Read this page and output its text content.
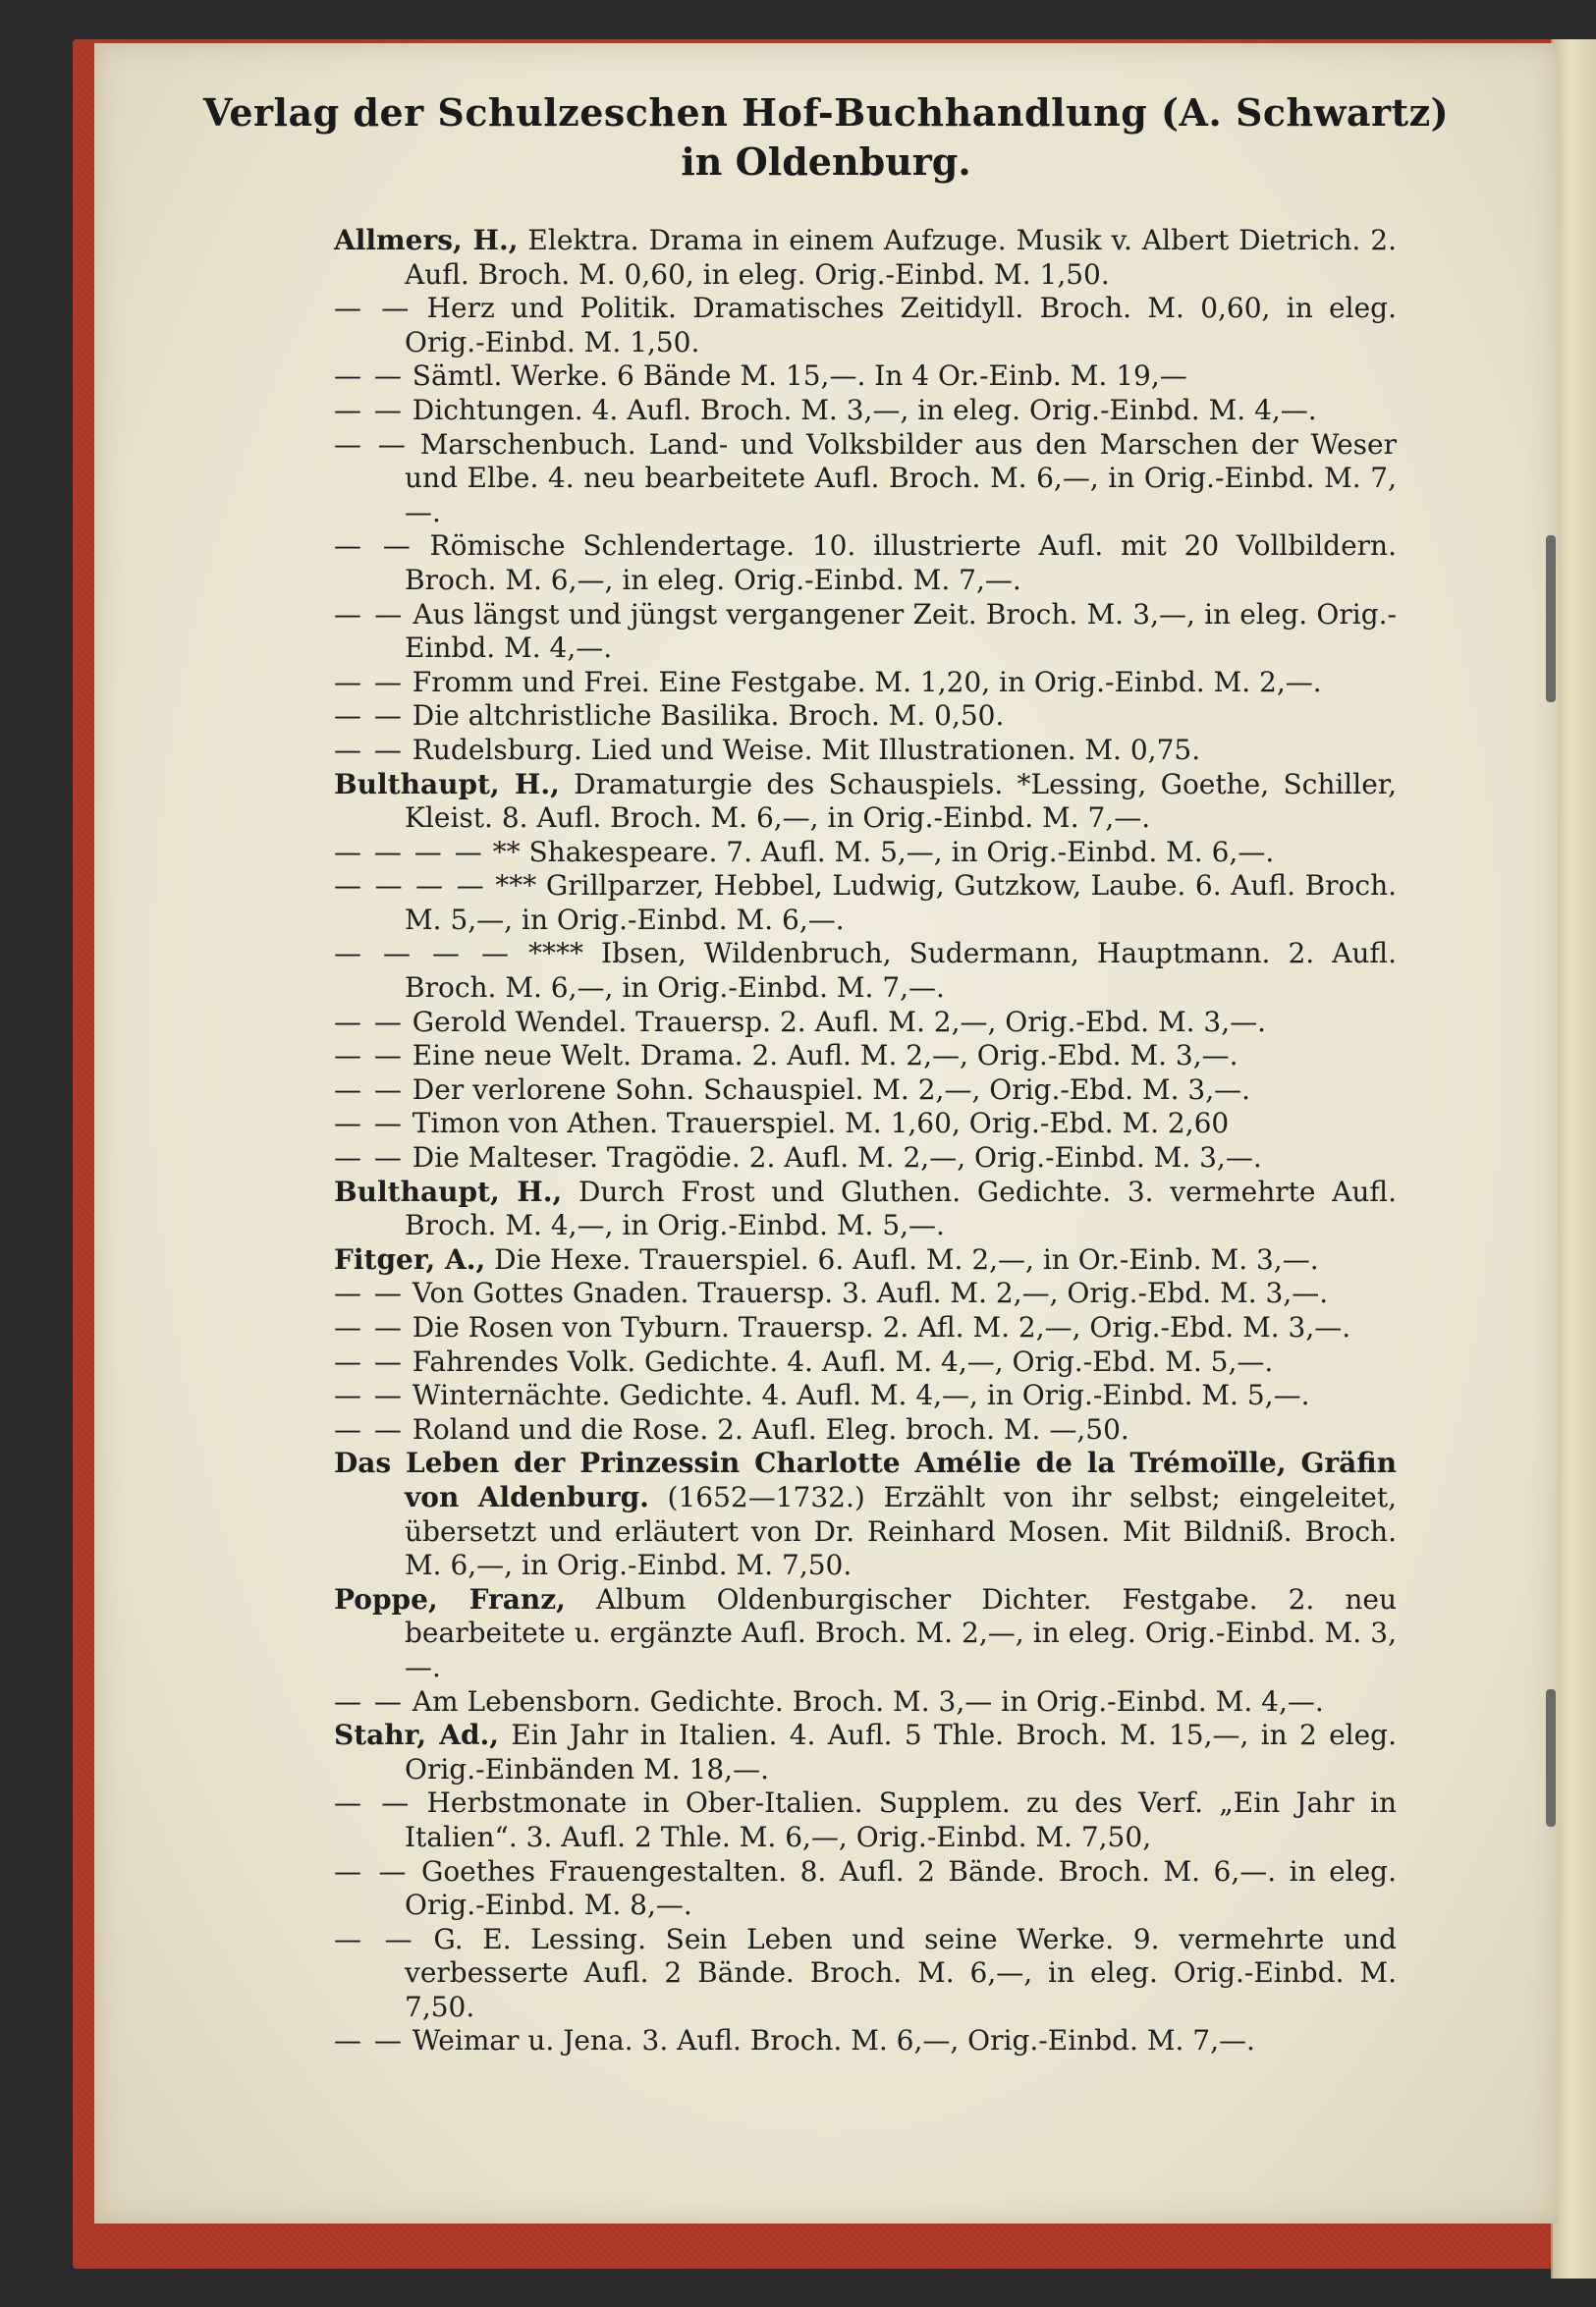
Verlag der Schulzeschen Hof-Buchhandlung (A. Schwartz)
in Oldenburg.

Allmers, H., Elektra. Drama in einem Aufzuge. Musik v. Albert Dietrich. 2. Aufl. Broch. M. 0,60, in eleg. Orig.-Einbd. M. 1,50.

— — Herz und Politik. Dramatisches Zeitidyll. Broch. M. 0,60, in eleg. Orig.-Einbd. M. 1,50.

— — Sämtl. Werke. 6 Bände M. 15,—. In 4 Or.-Einb. M. 19,—

— — Dichtungen. 4. Aufl. Broch. M. 3,—, in eleg. Orig.-Einbd. M. 4,—.

— — Marschenbuch. Land- und Volksbilder aus den Marschen der Weser und Elbe. 4. neu bearbeitete Aufl. Broch. M. 6,—, in Orig.-Einbd. M. 7,—.

— — Römische Schlendertage. 10. illustrierte Aufl. mit 20 Vollbildern. Broch. M. 6,—, in eleg. Orig.-Einbd. M. 7,—.

— — Aus längst und jüngst vergangener Zeit. Broch. M. 3,—, in eleg. Orig.-Einbd. M. 4,—.

— — Fromm und Frei. Eine Festgabe. M. 1,20, in Orig.-Einbd. M. 2,—.

— — Die altchristliche Basilika. Broch. M. 0,50.

— — Rudelsburg. Lied und Weise. Mit Illustrationen. M. 0,75.

Bulthaupt, H., Dramaturgie des Schauspiels. *Lessing, Goethe, Schiller, Kleist. 8. Aufl. Broch. M. 6,—, in Orig.-Einbd. M. 7,—.

— — — — ** Shakespeare. 7. Aufl. M. 5,—, in Orig.-Einbd. M. 6,—.

— — — — *** Grillparzer, Hebbel, Ludwig, Gutzkow, Laube. 6. Aufl. Broch. M. 5,—, in Orig.-Einbd. M. 6,—.

— — — — **** Ibsen, Wildenbruch, Sudermann, Hauptmann. 2. Aufl. Broch. M. 6,—, in Orig.-Einbd. M. 7,—.

— — Gerold Wendel. Trauersp. 2. Aufl. M. 2,—, Orig.-Ebd. M. 3,—.

— — Eine neue Welt. Drama. 2. Aufl. M. 2,—, Orig.-Ebd. M. 3,—.

— — Der verlorene Sohn. Schauspiel. M. 2,—, Orig.-Ebd. M. 3,—.

— — Timon von Athen. Trauerspiel. M. 1,60, Orig.-Ebd. M. 2,60

— — Die Malteser. Tragödie. 2. Aufl. M. 2,—, Orig.-Einbd. M. 3,—.

Bulthaupt, H., Durch Frost und Gluthen. Gedichte. 3. vermehrte Aufl. Broch. M. 4,—, in Orig.-Einbd. M. 5,—.

Fitger, A., Die Hexe. Trauerspiel. 6. Aufl. M. 2,—, in Or.-Einb. M. 3,—.

— — Von Gottes Gnaden. Trauersp. 3. Aufl. M. 2,—, Orig.-Ebd. M. 3,—.

— — Die Rosen von Tyburn. Trauersp. 2. Afl. M. 2,—, Orig.-Ebd. M. 3,—.

— — Fahrendes Volk. Gedichte. 4. Aufl. M. 4,—, Orig.-Ebd. M. 5,—.

— — Winternächte. Gedichte. 4. Aufl. M. 4,—, in Orig.-Einbd. M. 5,—.

— — Roland und die Rose. 2. Aufl. Eleg. broch. M. —,50.

Das Leben der Prinzessin Charlotte Amélie de la Trémoïlle, Gräfin von Aldenburg. (1652—1732.) Erzählt von ihr selbst; eingeleitet, übersetzt und erläutert von Dr. Reinhard Mosen. Mit Bildniß. Broch. M. 6,—, in Orig.-Einbd. M. 7,50.

Poppe, Franz, Album Oldenburgischer Dichter. Festgabe. 2. neu bearbeitete u. ergänzte Aufl. Broch. M. 2,—, in eleg. Orig.-Einbd. M. 3,—.

— — Am Lebensborn. Gedichte. Broch. M. 3,— in Orig.-Einbd. M. 4,—.

Stahr, Ad., Ein Jahr in Italien. 4. Aufl. 5 Thle. Broch. M. 15,—, in 2 eleg. Orig.-Einbänden M. 18,—.

— — Herbstmonate in Ober-Italien. Supplem. zu des Verf. „Ein Jahr in Italien“. 3. Aufl. 2 Thle. M. 6,—, Orig.-Einbd. M. 7,50,

— — Goethes Frauengestalten. 8. Aufl. 2 Bände. Broch. M. 6,—. in eleg. Orig.-Einbd. M. 8,—.

— — G. E. Lessing. Sein Leben und seine Werke. 9. vermehrte und verbesserte Aufl. 2 Bände. Broch. M. 6,—, in eleg. Orig.-Einbd. M. 7,50.

— — Weimar u. Jena. 3. Aufl. Broch. M. 6,—, Orig.-Einbd. M. 7,—.
